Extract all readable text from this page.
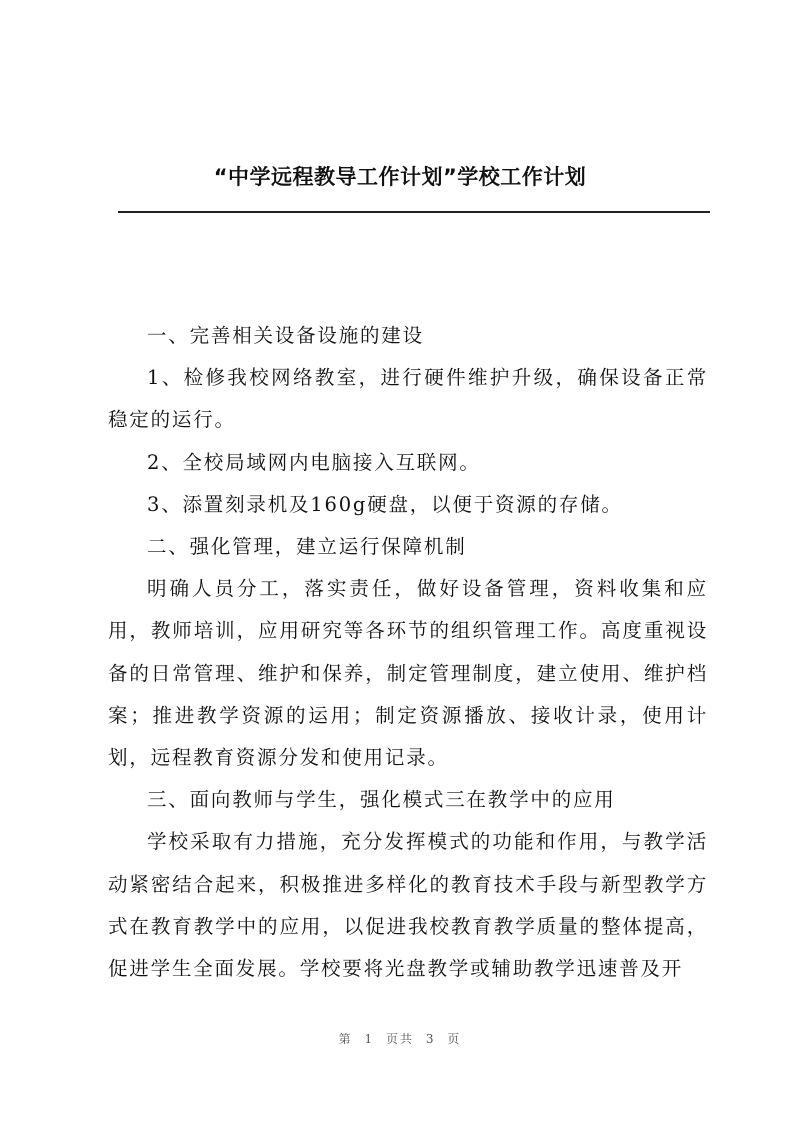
“中学远程教导工作计划”学校工作计划

一、完善相关设备设施的建设

1、检修我校网络教室，进行硬件维护升级，确保设备正常稳定的运行。

2、全校局域网内电脑接入互联网。

3、添置刻录机及160g硬盘，以便于资源的存储。

二、强化管理，建立运行保障机制

明确人员分工，落实责任，做好设备管理，资料收集和应用，教师培训，应用研究等各环节的组织管理工作。高度重视设备的日常管理、维护和保养，制定管理制度，建立使用、维护档案；推进教学资源的运用；制定资源播放、接收计录，使用计划，远程教育资源分发和使用记录。

三、面向教师与学生，强化模式三在教学中的应用

学校采取有力措施，充分发挥模式的功能和作用，与教学活动紧密结合起来，积极推进多样化的教育技术手段与新型教学方式在教育教学中的应用，以促进我校教育教学质量的整体提高，促进学生全面发展。学校要将光盘教学或辅助教学迅速普及开

第 1 页共 3 页
